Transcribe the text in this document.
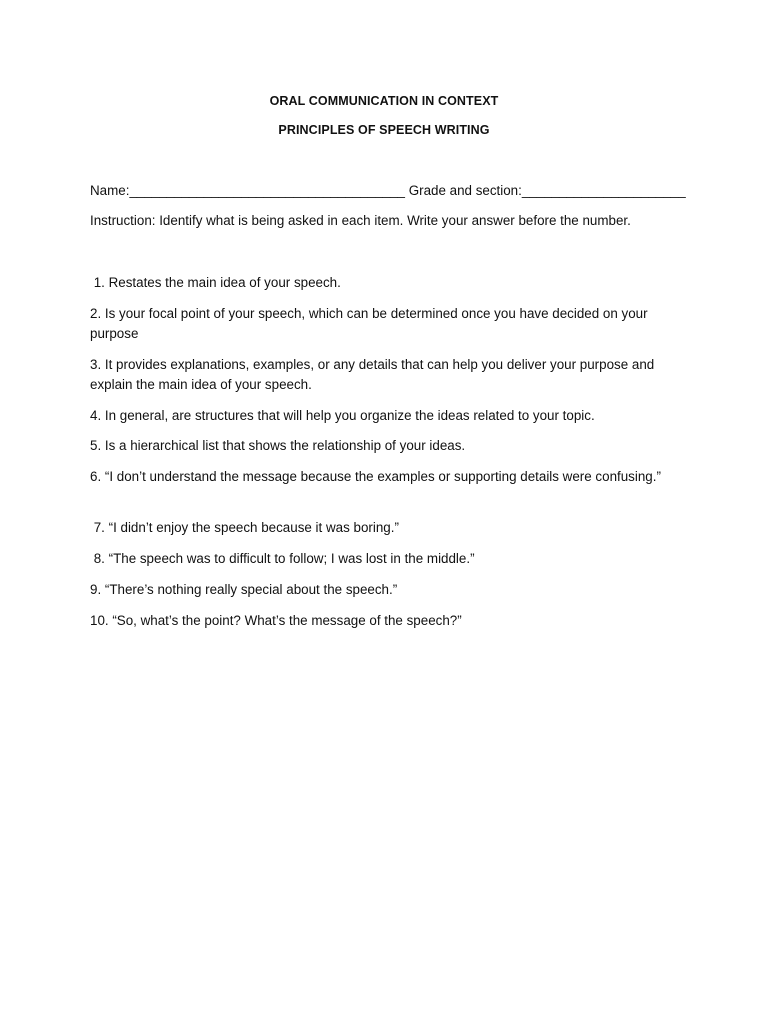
ORAL COMMUNICATION IN CONTEXT
PRINCIPLES OF SPEECH WRITING
Name:_____________________________________ Grade and section:______________________
Instruction: Identify what is being asked in each item. Write your answer before the number.
1. Restates the main idea of your speech.
2. Is your focal point of your speech, which can be determined once you have decided on your purpose
3. It provides explanations, examples, or any details that can help you deliver your purpose and explain the main idea of your speech.
4. In general, are structures that will help you organize the ideas related to your topic.
5. Is a hierarchical list that shows the relationship of your ideas.
6. “I don’t understand the message because the examples or supporting details were confusing.”
7. “I didn’t enjoy the speech because it was boring.”
8. “The speech was to difficult to follow; I was lost in the middle.”
9. “There’s nothing really special about the speech.”
10. “So, what’s the point? What’s the message of the speech?”
